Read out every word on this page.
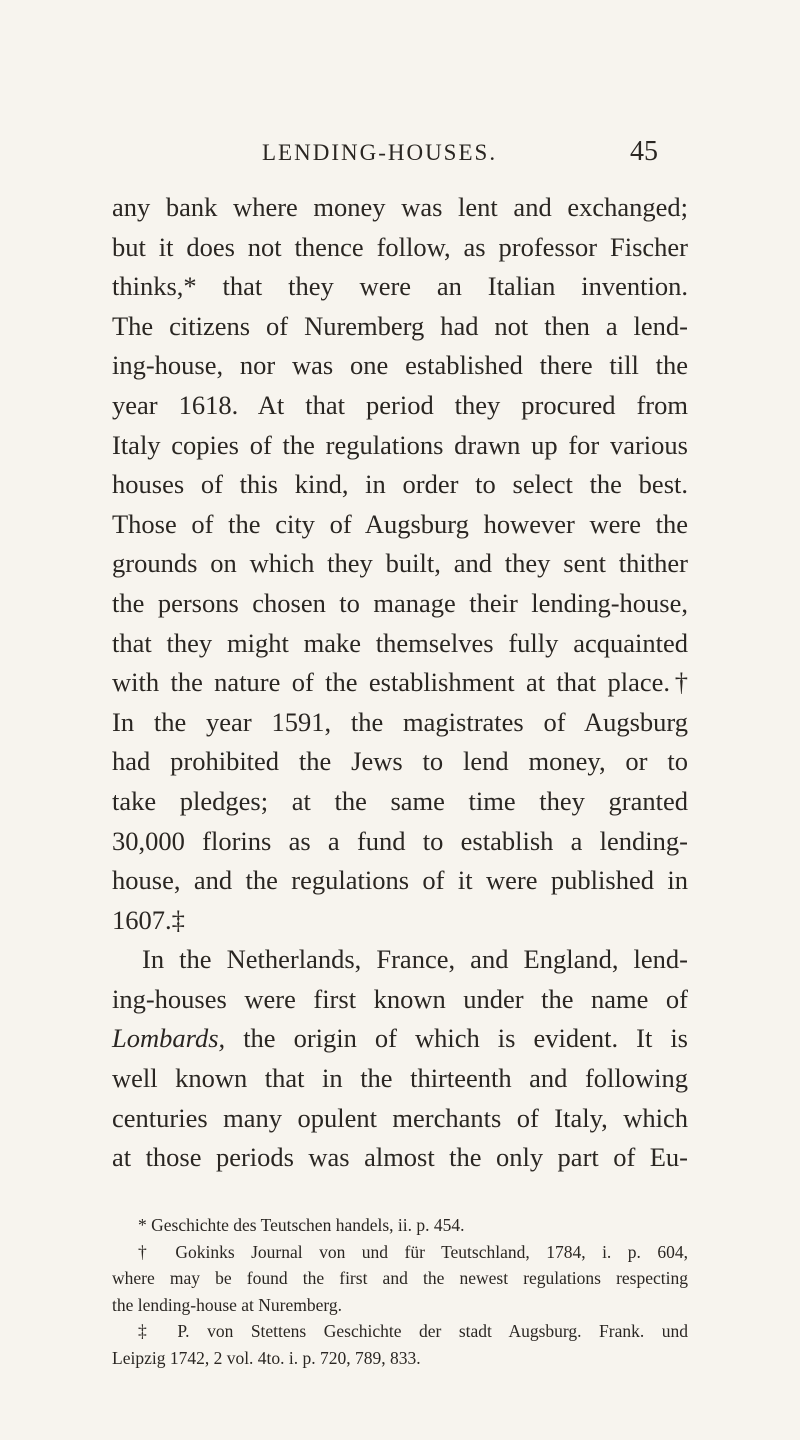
LENDING-HOUSES.	45
any bank where money was lent and exchanged;
but it does not thence follow, as professor Fischer
thinks,* that they were an Italian invention.
The citizens of Nuremberg had not then a lend-
ing-house, nor was one established there till the
year 1618. At that period they procured from
Italy copies of the regulations drawn up for various
houses of this kind, in order to select the best.
Those of the city of Augsburg however were the
grounds on which they built, and they sent thither
the persons chosen to manage their lending-house,
that they might make themselves fully acquainted
with the nature of the establishment at that place.†
In the year 1591, the magistrates of Augsburg
had prohibited the Jews to lend money, or to
take pledges; at the same time they granted
30,000 florins as a fund to establish a lending-
house, and the regulations of it were published in
1607.‡
In the Netherlands, France, and England, lend-
ing-houses were first known under the name of
Lombards, the origin of which is evident. It is
well known that in the thirteenth and following
centuries many opulent merchants of Italy, which
at those periods was almost the only part of Eu-
* Geschichte des Teutschen handels, ii. p. 454.
† Gokinks Journal von und für Teutschland, 1784, i. p. 604,
where may be found the first and the newest regulations respecting
the lending-house at Nuremberg.
‡ P. von Stettens Geschichte der stadt Augsburg. Frank. und
Leipzig 1742, 2 vol. 4to. i. p. 720, 789, 833.
